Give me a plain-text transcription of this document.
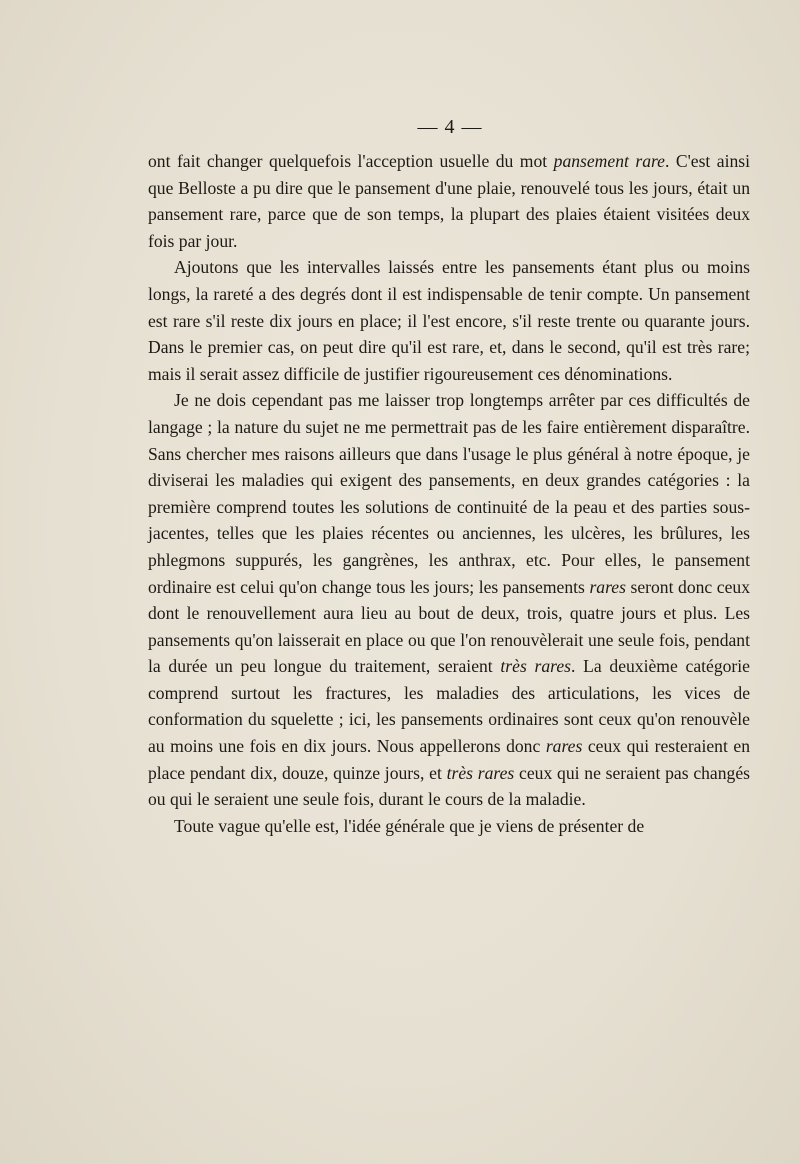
— 4 —

ont fait changer quelquefois l'acception usuelle du mot pansement rare. C'est ainsi que Belloste a pu dire que le pansement d'une plaie, renouvelé tous les jours, était un pansement rare, parce que de son temps, la plupart des plaies étaient visitées deux fois par jour.

Ajoutons que les intervalles laissés entre les pansements étant plus ou moins longs, la rareté a des degrés dont il est indispensable de tenir compte. Un pansement est rare s'il reste dix jours en place; il l'est encore, s'il reste trente ou quarante jours. Dans le premier cas, on peut dire qu'il est rare, et, dans le second, qu'il est très rare; mais il serait assez difficile de justifier rigoureusement ces dénominations.

Je ne dois cependant pas me laisser trop longtemps arrêter par ces difficultés de langage ; la nature du sujet ne me permettrait pas de les faire entièrement disparaître. Sans chercher mes raisons ailleurs que dans l'usage le plus général à notre époque, je diviserai les maladies qui exigent des pansements, en deux grandes catégories : la première comprend toutes les solutions de continuité de la peau et des parties sous-jacentes, telles que les plaies récentes ou anciennes, les ulcères, les brûlures, les phlegmons suppurés, les gangrènes, les anthrax, etc. Pour elles, le pansement ordinaire est celui qu'on change tous les jours; les pansements rares seront donc ceux dont le renouvellement aura lieu au bout de deux, trois, quatre jours et plus. Les pansements qu'on laisserait en place ou que l'on renouvèlerait une seule fois, pendant la durée un peu longue du traitement, seraient très rares. La deuxième catégorie comprend surtout les fractures, les maladies des articulations, les vices de conformation du squelette ; ici, les pansements ordinaires sont ceux qu'on renouvèle au moins une fois en dix jours. Nous appellerons donc rares ceux qui resteraient en place pendant dix, douze, quinze jours, et très rares ceux qui ne seraient pas changés ou qui le seraient une seule fois, durant le cours de la maladie.

Toute vague qu'elle est, l'idée générale que je viens de présenter de
